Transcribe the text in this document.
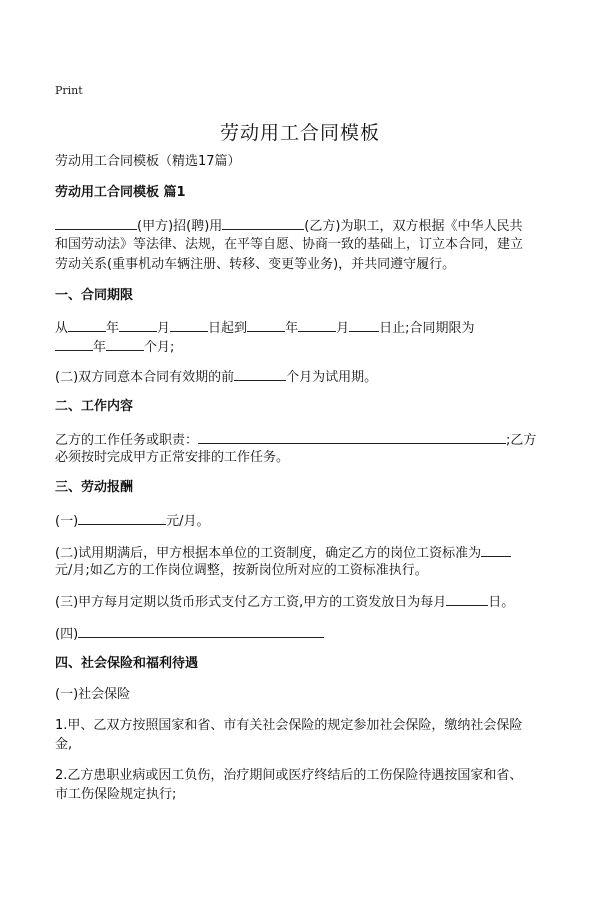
Print
劳动用工合同模板
劳动用工合同模板（精选17篇）
劳动用工合同模板 篇1
(甲方)招(聘)用	(乙方)为职工，双方根据《中华人民共
和国劳动法》等法律、法规，在平等自愿、协商一致的基础上，订立本合同，建立
劳动关系(重事机动车辆注册、转移、变更等业务)，并共同遵守履行。
一、合同期限
从	年	月	日起到	年	月 日止;合同期限为
年	个月;
(二)双方同意本合同有效期的前	个月为试用期。
二、工作内容
乙方的工作任务或职责：	;乙方
必须按时完成甲方正常安排的工作任务。
三、劳动报酬
(一)	元/月。
(二)试用期满后，甲方根据本单位的工资制度，确定乙方的岗位工资标准为
元/月;如乙方的工作岗位调整，按新岗位所对应的工资标准执行。
(三)甲方每月定期以货币形式支付乙方工资,甲方的工资发放日为每月	日。
(四)
四、社会保险和福利待遇
(一)社会保险
1.甲、乙双方按照国家和省、市有关社会保险的规定参加社会保险，缴纳社会保险
金,
2.乙方患职业病或因工负伤，治疗期间或医疗终结后的工伤保险待遇按国家和省、
市工伤保险规定执行;
